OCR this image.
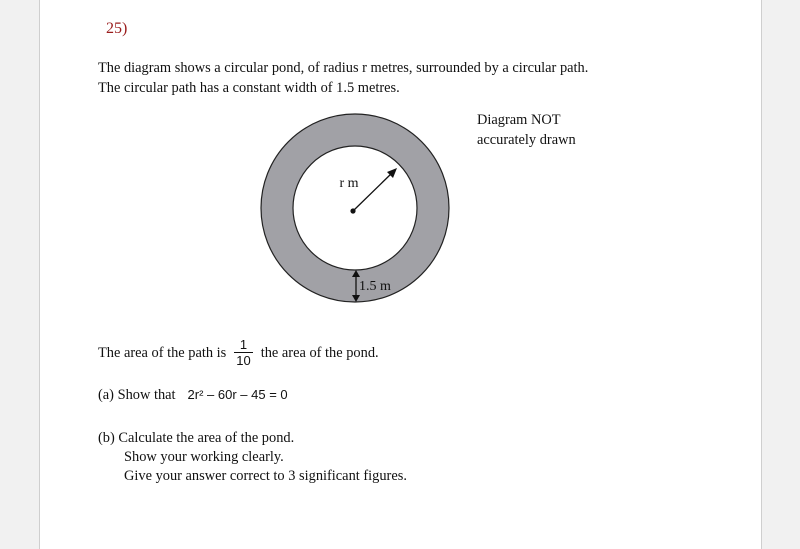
25)
The diagram shows a circular pond, of radius r metres, surrounded by a circular path.
The circular path has a constant width of 1.5 metres.
Diagram NOT
accurately drawn
r m
1.5 m
The area of the path is $\frac{1}{10}$ the area of the pond.
(a) Show that 2r² – 60r – 45 = 0
(b) Calculate the area of the pond.
Show your working clearly.
Give your answer correct to 3 significant figures.
